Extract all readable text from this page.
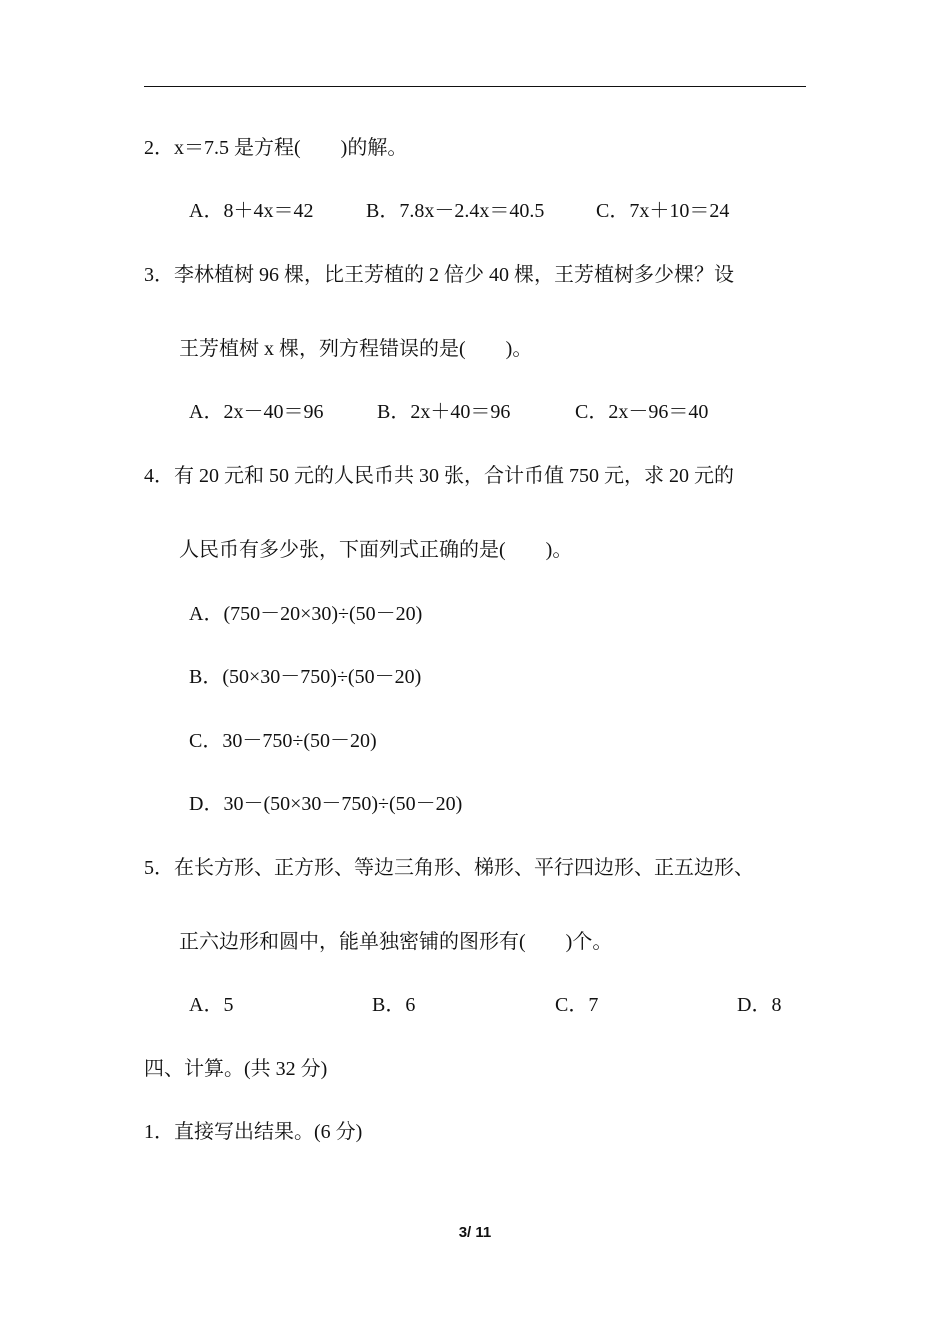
2．x＝7.5 是方程(　　)的解。
A．8＋4x＝42	B．7.8x－2.4x＝40.5	C．7x＋10＝24
3．李林植树 96 棵，比王芳植的 2 倍少 40 棵，王芳植树多少棵？设
王芳植树 x 棵，列方程错误的是(　　)。
A．2x－40＝96	B．2x＋40＝96	C．2x－96＝40
4．有 20 元和 50 元的人民币共 30 张，合计币值 750 元，求 20 元的
人民币有多少张，下面列式正确的是(　　)。
A．(750－20×30)÷(50－20)
B．(50×30－750)÷(50－20)
C．30－750÷(50－20)
D．30－(50×30－750)÷(50－20)
5．在长方形、正方形、等边三角形、梯形、平行四边形、正五边形、
正六边形和圆中，能单独密铺的图形有(　　)个。
A．5	B．6	C．7	D．8
四、计算。(共 32 分)
1．直接写出结果。(6 分)
3/ 11
